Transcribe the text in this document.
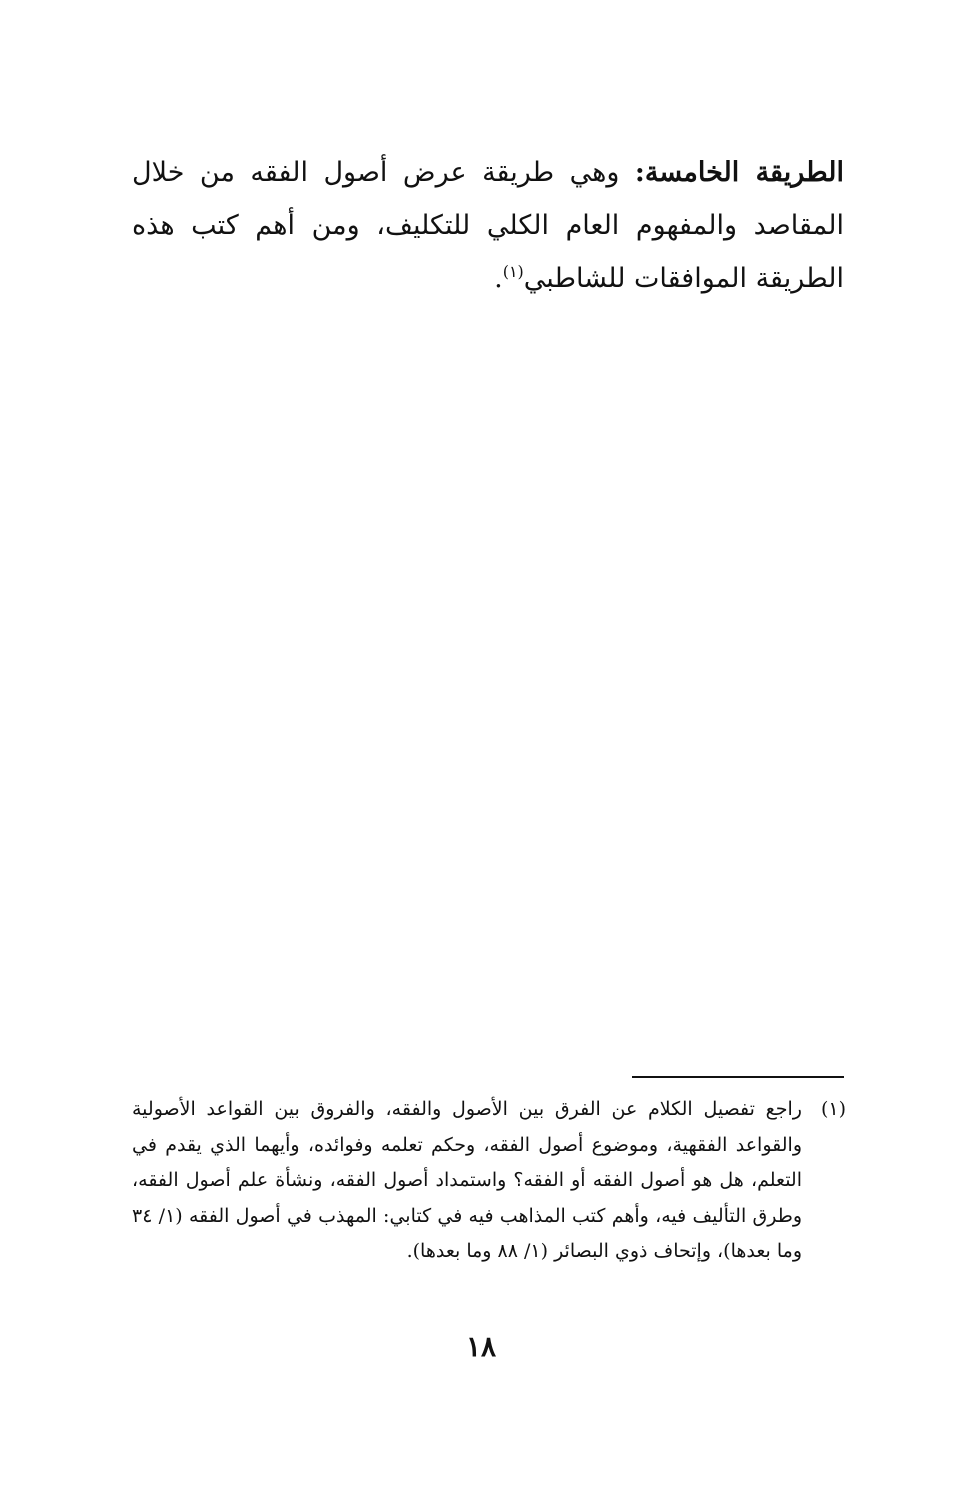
الطريقة الخامسة: وهي طريقة عرض أصول الفقه من خلال المقاصد والمفهوم العام الكلي للتكليف، ومن أهم كتب هذه الطريقة الموافقات للشاطبي$^{(١)}$.

(١)
راجع تفصيل الكلام عن الفرق بين الأصول والفقه، والفروق بين القواعد الأصولية والقواعد الفقهية، وموضوع أصول الفقه، وحكم تعلمه وفوائده، وأيهما الذي يقدم في التعلم، هل هو أصول الفقه أو الفقه؟ واستمداد أصول الفقه، ونشأة علم أصول الفقه، وطرق التأليف فيه، وأهم كتب المذاهب فيه في كتابي: المهذب في أصول الفقه (١/ ٣٤ وما بعدها)، وإتحاف ذوي البصائر (١/ ٨٨ وما بعدها).
١٨
